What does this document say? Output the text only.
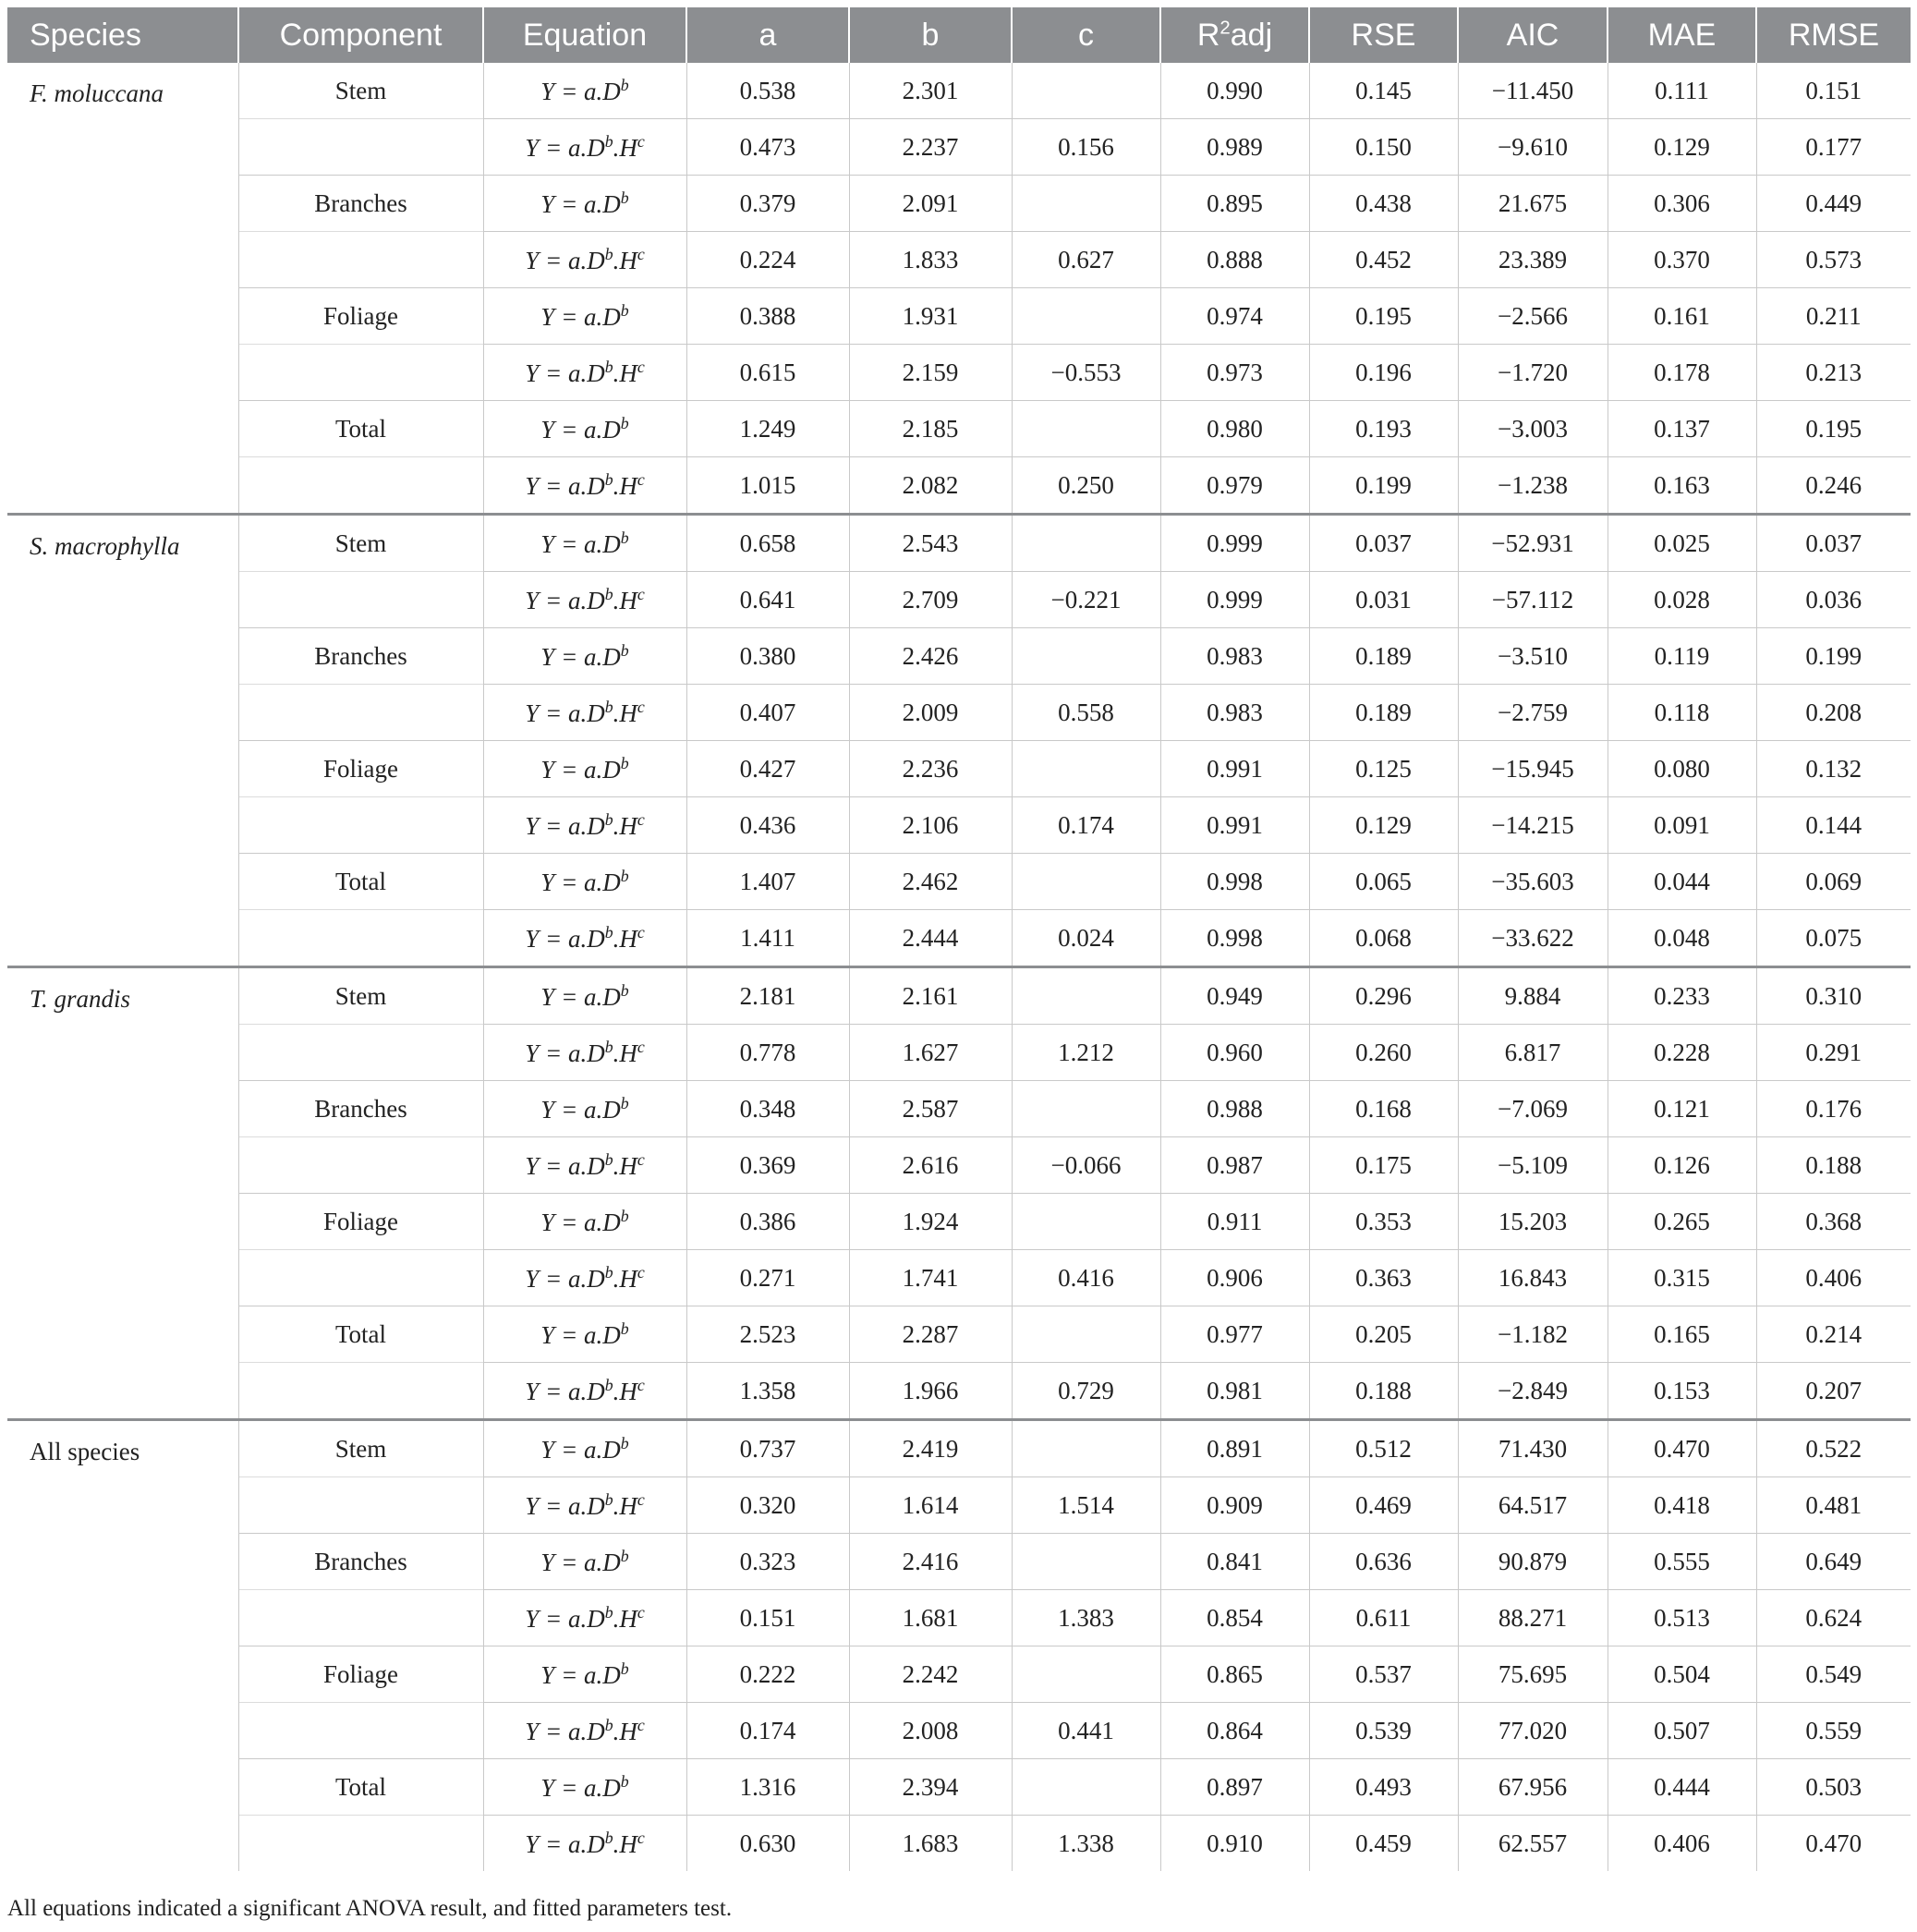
Species	Component	Equation	a	b	c	$R^2adj$	RSE	AIC	MAE	RMSE
F. moluccana	Stem	$Y = a.D^b$	0.538	2.301		0.990	0.145	−11.450	0.111	0.151
		$Y = a.D^b.H^c$	0.473	2.237	0.156	0.989	0.150	−9.610	0.129	0.177
	Branches	$Y = a.D^b$	0.379	2.091		0.895	0.438	21.675	0.306	0.449
		$Y = a.D^b.H^c$	0.224	1.833	0.627	0.888	0.452	23.389	0.370	0.573
	Foliage	$Y = a.D^b$	0.388	1.931		0.974	0.195	−2.566	0.161	0.211
		$Y = a.D^b.H^c$	0.615	2.159	−0.553	0.973	0.196	−1.720	0.178	0.213
	Total	$Y = a.D^b$	1.249	2.185		0.980	0.193	−3.003	0.137	0.195
		$Y = a.D^b.H^c$	1.015	2.082	0.250	0.979	0.199	−1.238	0.163	0.246
S. macrophylla	Stem	$Y = a.D^b$	0.658	2.543		0.999	0.037	−52.931	0.025	0.037
		$Y = a.D^b.H^c$	0.641	2.709	−0.221	0.999	0.031	−57.112	0.028	0.036
	Branches	$Y = a.D^b$	0.380	2.426		0.983	0.189	−3.510	0.119	0.199
		$Y = a.D^b.H^c$	0.407	2.009	0.558	0.983	0.189	−2.759	0.118	0.208
	Foliage	$Y = a.D^b$	0.427	2.236		0.991	0.125	−15.945	0.080	0.132
		$Y = a.D^b.H^c$	0.436	2.106	0.174	0.991	0.129	−14.215	0.091	0.144
	Total	$Y = a.D^b$	1.407	2.462		0.998	0.065	−35.603	0.044	0.069
		$Y = a.D^b.H^c$	1.411	2.444	0.024	0.998	0.068	−33.622	0.048	0.075
T. grandis	Stem	$Y = a.D^b$	2.181	2.161		0.949	0.296	9.884	0.233	0.310
		$Y = a.D^b.H^c$	0.778	1.627	1.212	0.960	0.260	6.817	0.228	0.291
	Branches	$Y = a.D^b$	0.348	2.587		0.988	0.168	−7.069	0.121	0.176
		$Y = a.D^b.H^c$	0.369	2.616	−0.066	0.987	0.175	−5.109	0.126	0.188
	Foliage	$Y = a.D^b$	0.386	1.924		0.911	0.353	15.203	0.265	0.368
		$Y = a.D^b.H^c$	0.271	1.741	0.416	0.906	0.363	16.843	0.315	0.406
	Total	$Y = a.D^b$	2.523	2.287		0.977	0.205	−1.182	0.165	0.214
		$Y = a.D^b.H^c$	1.358	1.966	0.729	0.981	0.188	−2.849	0.153	0.207
All species	Stem	$Y = a.D^b$	0.737	2.419		0.891	0.512	71.430	0.470	0.522
		$Y = a.D^b.H^c$	0.320	1.614	1.514	0.909	0.469	64.517	0.418	0.481
	Branches	$Y = a.D^b$	0.323	2.416		0.841	0.636	90.879	0.555	0.649
		$Y = a.D^b.H^c$	0.151	1.681	1.383	0.854	0.611	88.271	0.513	0.624
	Foliage	$Y = a.D^b$	0.222	2.242		0.865	0.537	75.695	0.504	0.549
		$Y = a.D^b.H^c$	0.174	2.008	0.441	0.864	0.539	77.020	0.507	0.559
	Total	$Y = a.D^b$	1.316	2.394		0.897	0.493	67.956	0.444	0.503
		$Y = a.D^b.H^c$	0.630	1.683	1.338	0.910	0.459	62.557	0.406	0.470
All equations indicated a significant ANOVA result, and fitted parameters test.
